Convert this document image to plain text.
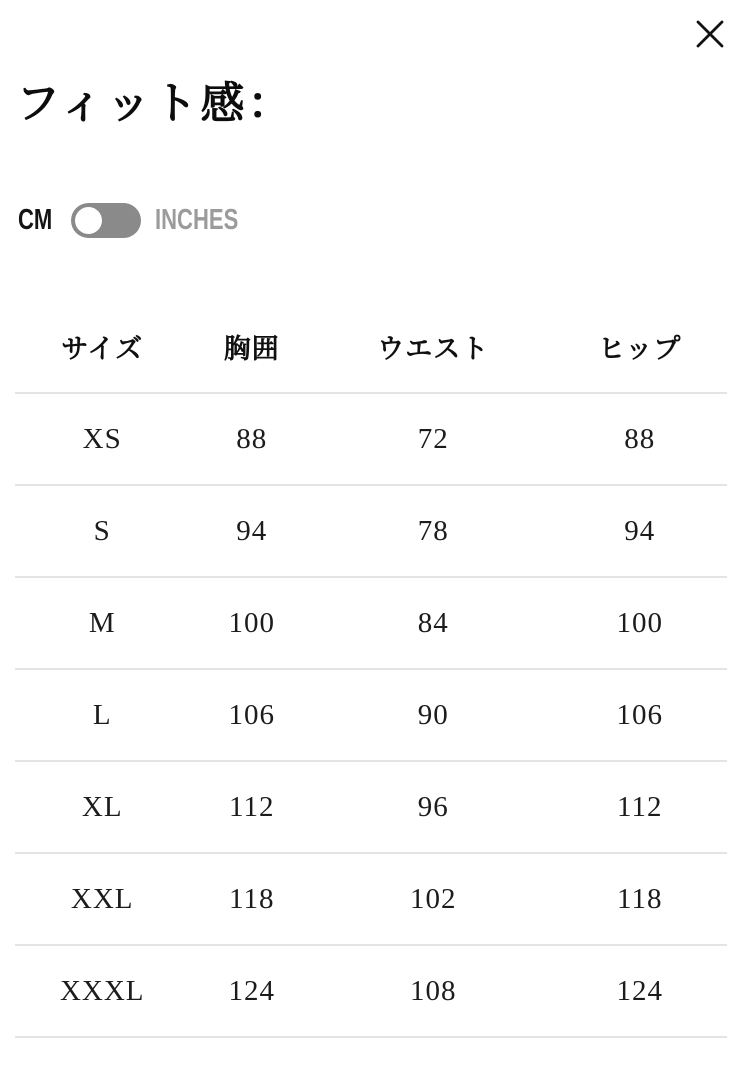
フィット感：
CM	INCHES
サイズ	胸囲	ウエスト	ヒップ
XS	88	72	88
S	94	78	94
M	100	84	100
L	106	90	106
XL	112	96	112
XXL	118	102	118
XXXL	124	108	124
